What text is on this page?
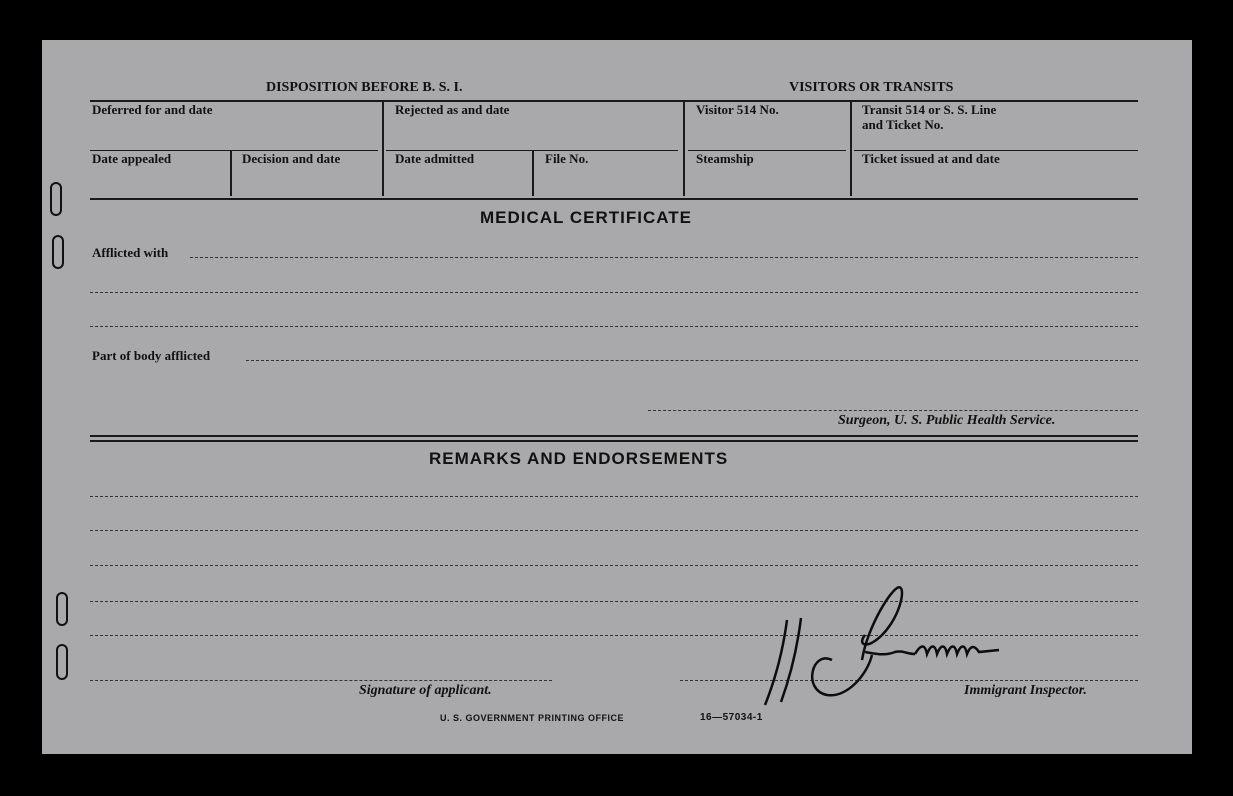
DISPOSITION BEFORE B. S. I.	VISITORS OR TRANSITS
Deferred for and date	Rejected as and date	Visitor 514 No.	Transit 514 or S. S. Line
and Ticket No.
Date appealed	Decision and date	Date admitted	File No.	Steamship	Ticket issued at and date
MEDICAL CERTIFICATE
Afflicted with
Part of body afflicted
Surgeon, U. S. Public Health Service.
REMARKS AND ENDORSEMENTS
Signature of applicant.	Immigrant Inspector.
U. S. GOVERNMENT PRINTING OFFICE	16—57034-1
